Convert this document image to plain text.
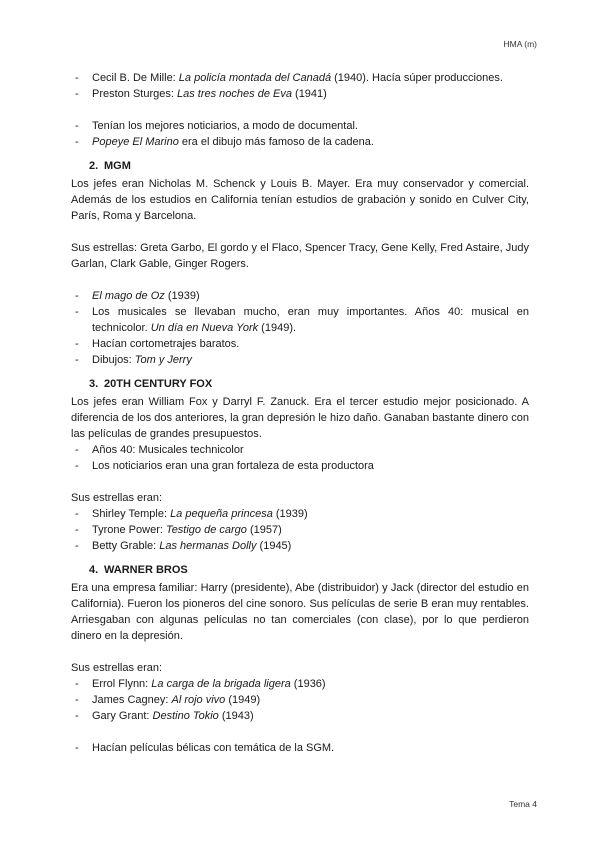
HMA (m)
- Cecil B. De Mille: La policía montada del Canadá (1940). Hacía súper producciones.
- Preston Sturges: Las tres noches de Eva (1941)
- Tenían los mejores noticiarios, a modo de documental.
- Popeye El Marino era el dibujo más famoso de la cadena.
2. MGM

Los jefes eran Nicholas M. Schenck y Louis B. Mayer. Era muy conservador y comercial. Además de los estudios en California tenían estudios de grabación y sonido en Culver City, París, Roma y Barcelona.

Sus estrellas: Greta Garbo, El gordo y el Flaco, Spencer Tracy, Gene Kelly, Fred Astaire, Judy Garlan, Clark Gable, Ginger Rogers.

- El mago de Oz (1939)
- Los musicales se llevaban mucho, eran muy importantes. Años 40: musical en technicolor. Un día en Nueva York (1949).
- Hacían cortometrajes baratos.
- Dibujos: Tom y Jerry
3. 20TH CENTURY FOX

Los jefes eran William Fox y Darryl F. Zanuck. Era el tercer estudio mejor posicionado. A diferencia de los dos anteriores, la gran depresión le hizo daño. Ganaban bastante dinero con las películas de grandes presupuestos.

- Años 40: Musicales technicolor
- Los noticiarios eran una gran fortaleza de esta productora

Sus estrellas eran:

- Shirley Temple: La pequeña princesa (1939)
- Tyrone Power: Testigo de cargo (1957)
- Betty Grable: Las hermanas Dolly (1945)
4. WARNER BROS

Era una empresa familiar: Harry (presidente), Abe (distribuidor) y Jack (director del estudio en California). Fueron los pioneros del cine sonoro. Sus películas de serie B eran muy rentables. Arriesgaban con algunas películas no tan comerciales (con clase), por lo que perdieron dinero en la depresión.

Sus estrellas eran:

- Errol Flynn: La carga de la brigada ligera (1936)
- James Cagney: Al rojo vivo (1949)
- Gary Grant: Destino Tokio (1943)
- Hacían películas bélicas con temática de la SGM.
Tema 4
